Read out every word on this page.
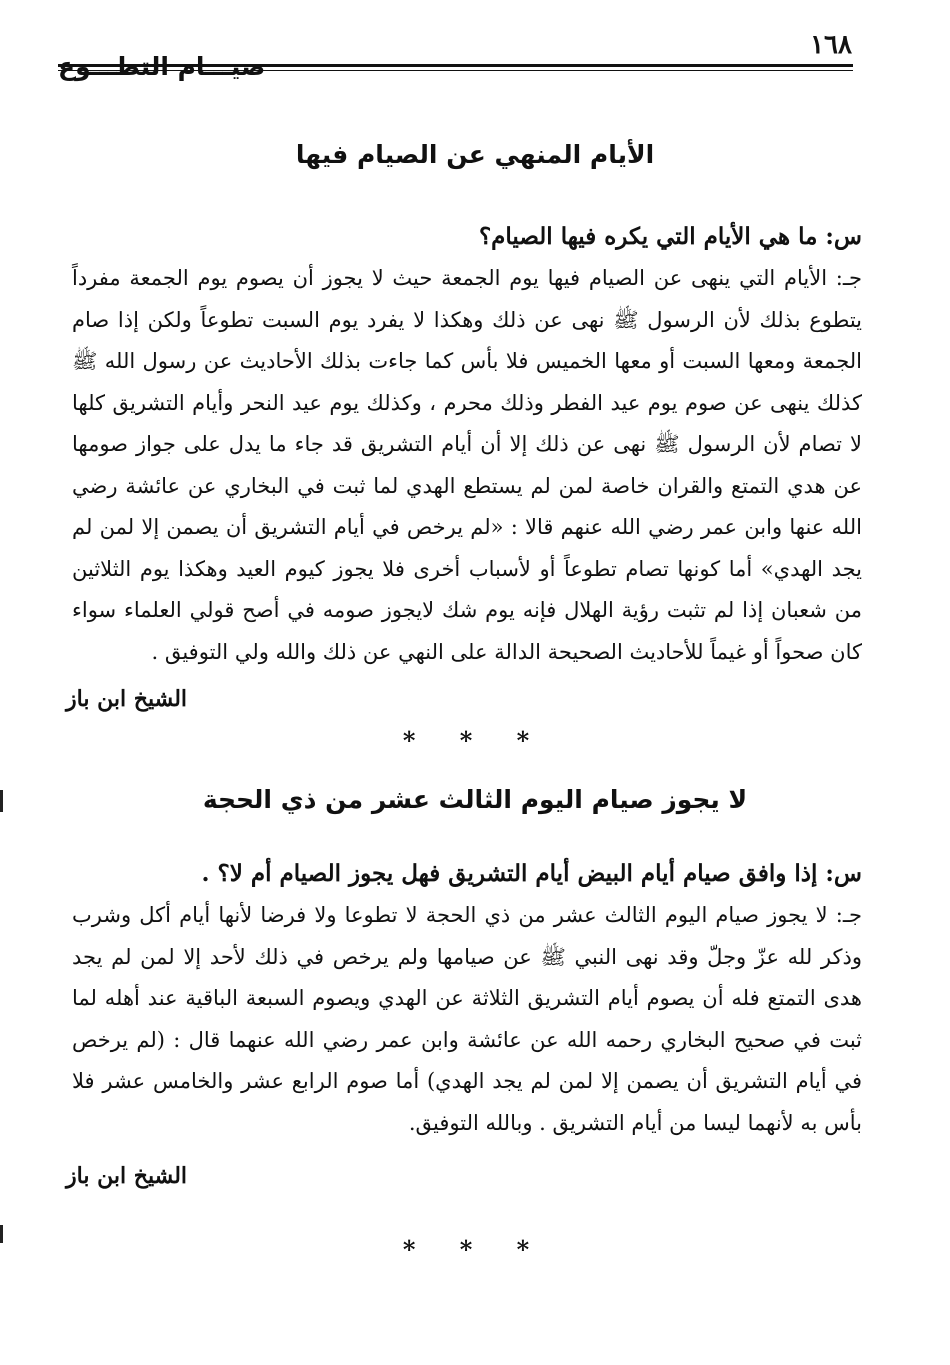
١٦٨
صيـــام التطـــوع
الأيام المنهي عن الصيام فيها
س: ما هي الأيام التي يكره فيها الصيام؟
جـ: الأيام التي ينهى عن الصيام فيها يوم الجمعة حيث لا يجوز أن يصوم يوم الجمعة مفرداً يتطوع بذلك لأن الرسول ﷺ نهى عن ذلك وهكذا لا يفرد يوم السبت تطوعاً ولكن إذا صام الجمعة ومعها السبت أو معها الخميس فلا بأس كما جاءت بذلك الأحاديث عن رسول الله ﷺ كذلك ينهى عن صوم يوم عيد الفطر وذلك محرم ، وكذلك يوم عيد النحر وأيام التشريق كلها لا تصام لأن الرسول ﷺ نهى عن ذلك إلا أن أيام التشريق قد جاء ما يدل على جواز صومها عن هدي التمتع والقران خاصة لمن لم يستطع الهدي لما ثبت في البخاري عن عائشة رضي الله عنها وابن عمر رضي الله عنهم قالا : «لم يرخص في أيام التشريق أن يصمن إلا لمن لم يجد الهدي» أما كونها تصام تطوعاً أو لأسباب أخرى فلا يجوز كيوم العيد وهكذا يوم الثلاثين من شعبان إذا لم تثبت رؤية الهلال فإنه يوم شك لايجوز صومه في أصح قولي العلماء سواء كان صحواً أو غيماً للأحاديث الصحيحة الدالة على النهي عن ذلك والله ولي التوفيق .
الشيخ ابن باز
* * *
لا يجوز صيام اليوم الثالث عشر من ذي الحجة
س: إذا وافق صيام أيام البيض أيام التشريق فهل يجوز الصيام أم لا؟ .
جـ: لا يجوز صيام اليوم الثالث عشر من ذي الحجة لا تطوعا ولا فرضا لأنها أيام أكل وشرب وذكر لله عزّ وجلّ وقد نهى النبي ﷺ عن صيامها ولم يرخص في ذلك لأحد إلا لمن لم يجد هدى التمتع فله أن يصوم أيام التشريق الثلاثة عن الهدي ويصوم السبعة الباقية عند أهله لما ثبت في صحيح البخاري رحمه الله عن عائشة وابن عمر رضي الله عنهما قال : (لم يرخص في أيام التشريق أن يصمن إلا لمن لم يجد الهدي) أما صوم الرابع عشر والخامس عشر فلا بأس به لأنهما ليسا من أيام التشريق . وبالله التوفيق.
الشيخ ابن باز
* * *
